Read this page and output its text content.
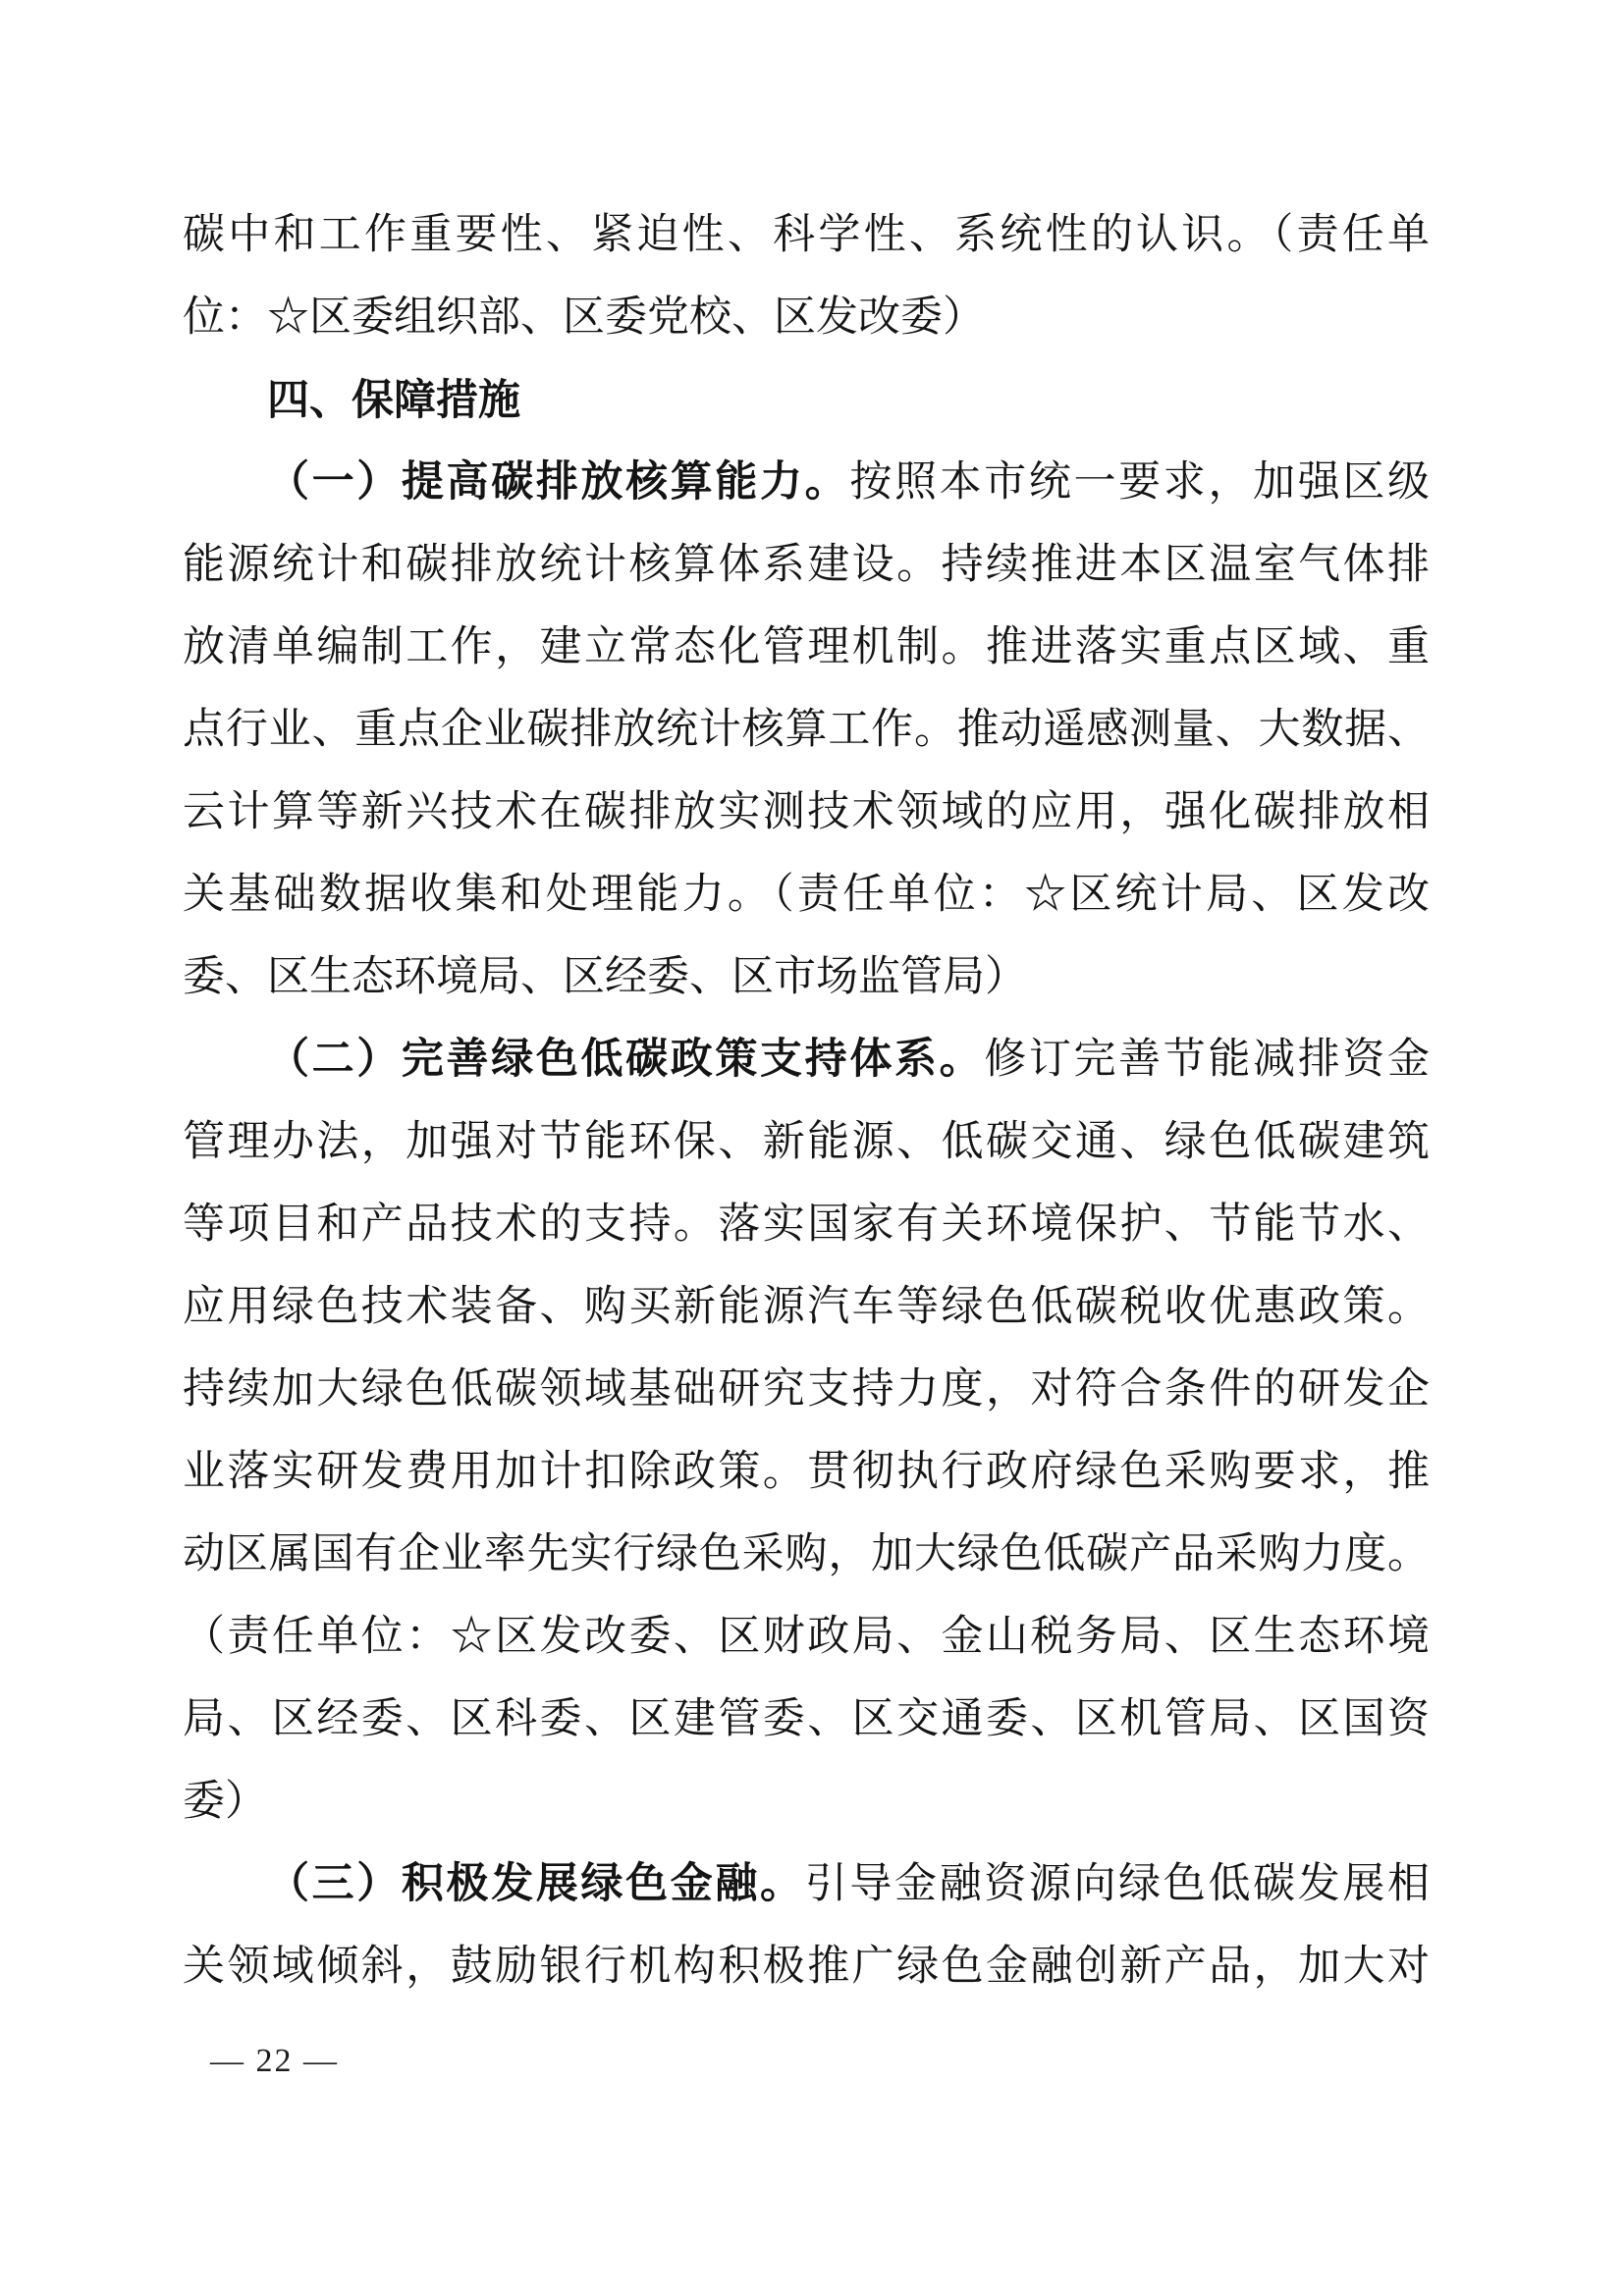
碳中和工作重要性、紧迫性、科学性、系统性的认识。（责任单
位：☆区委组织部、区委党校、区发改委）
四、保障措施
（一）提高碳排放核算能力。按照本市统一要求，加强区级
能源统计和碳排放统计核算体系建设。持续推进本区温室气体排
放清单编制工作，建立常态化管理机制。推进落实重点区域、重
点行业、重点企业碳排放统计核算工作。推动遥感测量、大数据、
云计算等新兴技术在碳排放实测技术领域的应用，强化碳排放相
关基础数据收集和处理能力。（责任单位：☆区统计局、区发改
委、区生态环境局、区经委、区市场监管局）
（二）完善绿色低碳政策支持体系。修订完善节能减排资金
管理办法，加强对节能环保、新能源、低碳交通、绿色低碳建筑
等项目和产品技术的支持。落实国家有关环境保护、节能节水、
应用绿色技术装备、购买新能源汽车等绿色低碳税收优惠政策。
持续加大绿色低碳领域基础研究支持力度，对符合条件的研发企
业落实研发费用加计扣除政策。贯彻执行政府绿色采购要求，推
动区属国有企业率先实行绿色采购，加大绿色低碳产品采购力度。
（责任单位：☆区发改委、区财政局、金山税务局、区生态环境
局、区经委、区科委、区建管委、区交通委、区机管局、区国资
委）
（三）积极发展绿色金融。引导金融资源向绿色低碳发展相
关领域倾斜，鼓励银行机构积极推广绿色金融创新产品，加大对
— 22 —
